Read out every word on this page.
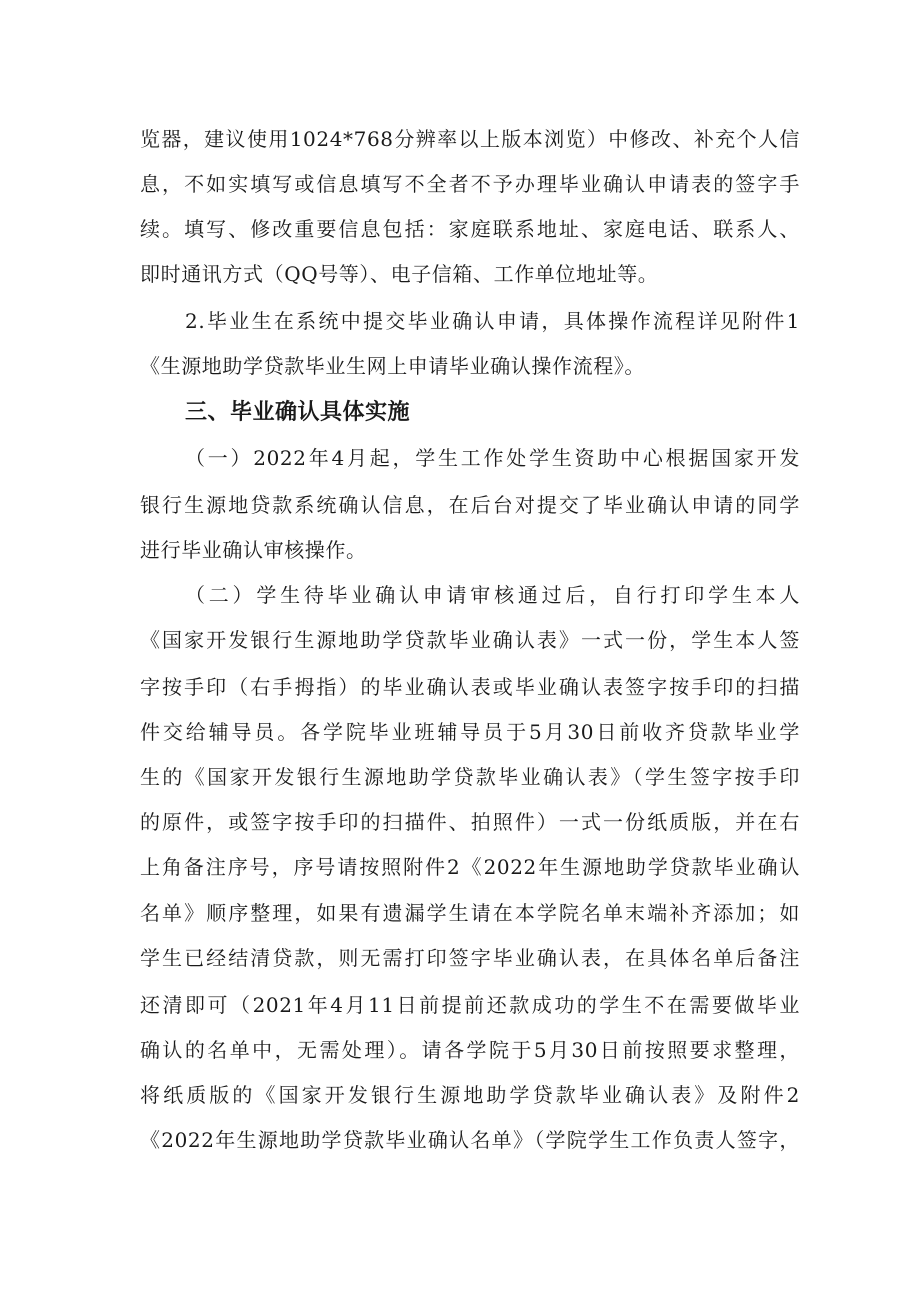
览器，建议使用1024*768分辨率以上版本浏览）中修改、补充个人信
息，不如实填写或信息填写不全者不予办理毕业确认申请表的签字手
续。填写、修改重要信息包括：家庭联系地址、家庭电话、联系人、
即时通讯方式（QQ号等）、电子信箱、工作单位地址等。
2.毕业生在系统中提交毕业确认申请，具体操作流程详见附件1
《生源地助学贷款毕业生网上申请毕业确认操作流程》。
三、毕业确认具体实施
（一）2022年4月起，学生工作处学生资助中心根据国家开发
银行生源地贷款系统确认信息，在后台对提交了毕业确认申请的同学
进行毕业确认审核操作。
（二）学生待毕业确认申请审核通过后，自行打印学生本人
《国家开发银行生源地助学贷款毕业确认表》一式一份，学生本人签
字按手印（右手拇指）的毕业确认表或毕业确认表签字按手印的扫描
件交给辅导员。各学院毕业班辅导员于5月30日前收齐贷款毕业学
生的《国家开发银行生源地助学贷款毕业确认表》（学生签字按手印
的原件，或签字按手印的扫描件、拍照件）一式一份纸质版，并在右
上角备注序号，序号请按照附件2《2022年生源地助学贷款毕业确认
名单》顺序整理，如果有遗漏学生请在本学院名单末端补齐添加；如
学生已经结清贷款，则无需打印签字毕业确认表，在具体名单后备注
还清即可（2021年4月11日前提前还款成功的学生不在需要做毕业
确认的名单中，无需处理）。请各学院于5月30日前按照要求整理，
将纸质版的《国家开发银行生源地助学贷款毕业确认表》及附件2
《2022年生源地助学贷款毕业确认名单》（学院学生工作负责人签字，
